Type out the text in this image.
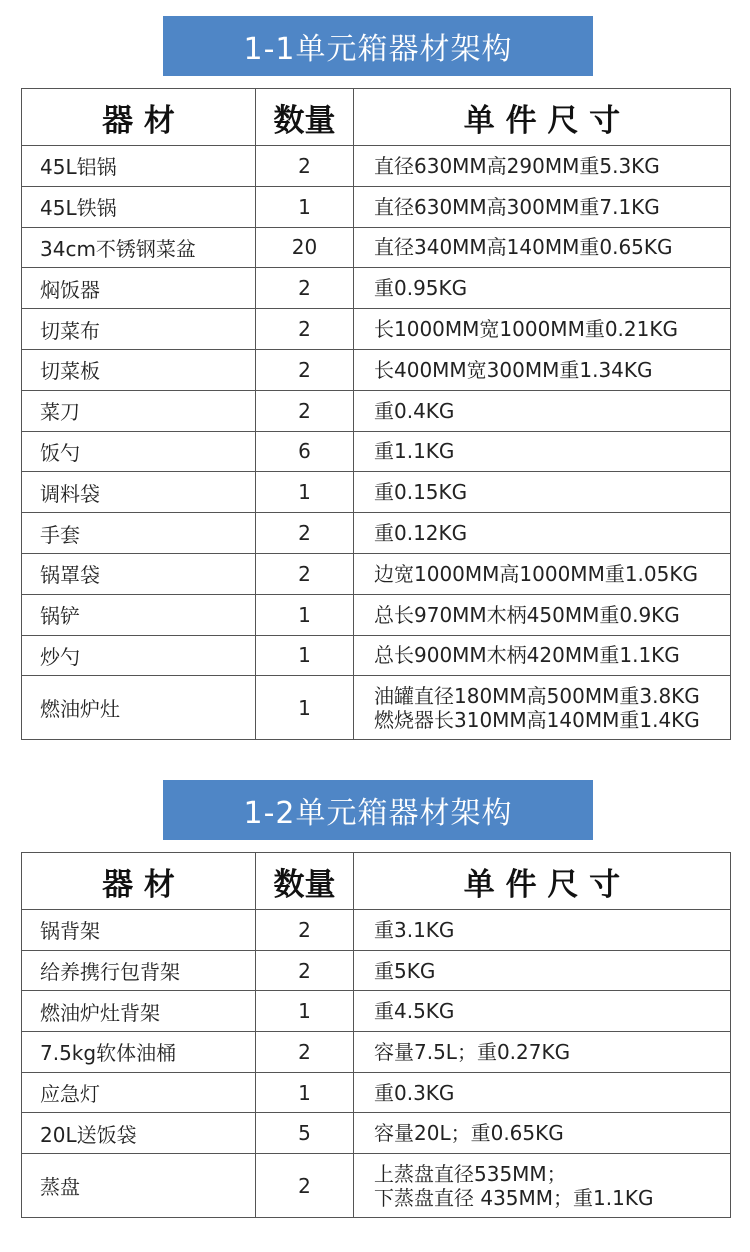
1-1单元箱器材架构
器 材	数量	单 件 尺 寸
45L铝锅	2	直径630MM高290MM重5.3KG

45L铁锅	1	直径630MM高300MM重7.1KG

34cm不锈钢菜盆	20	直径340MM高140MM重0.65KG

焖饭器	2	重0.95KG

切菜布	2	长1000MM宽1000MM重0.21KG

切菜板	2	长400MM宽300MM重1.34KG

菜刀	2	重0.4KG

饭勺	6	重1.1KG

调料袋	1	重0.15KG

手套	2	重0.12KG

锅罩袋	2	边宽1000MM高1000MM重1.05KG

锅铲	1	总长970MM木柄450MM重0.9KG

炒勺	1	总长900MM木柄420MM重1.1KG

燃油炉灶	1	油罐直径180MM高500MM重3.8KG
燃烧器长310MM高140MM重1.4KG
1-2单元箱器材架构
器 材	数量	单 件 尺 寸
锅背架	2	重3.1KG

给养携行包背架	2	重5KG

燃油炉灶背架	1	重4.5KG

7.5kg软体油桶	2	容量7.5L；重0.27KG

应急灯	1	重0.3KG

20L送饭袋	5	容量20L；重0.65KG

蒸盘	2	上蒸盘直径535MM；
下蒸盘直径 435MM；重1.1KG
